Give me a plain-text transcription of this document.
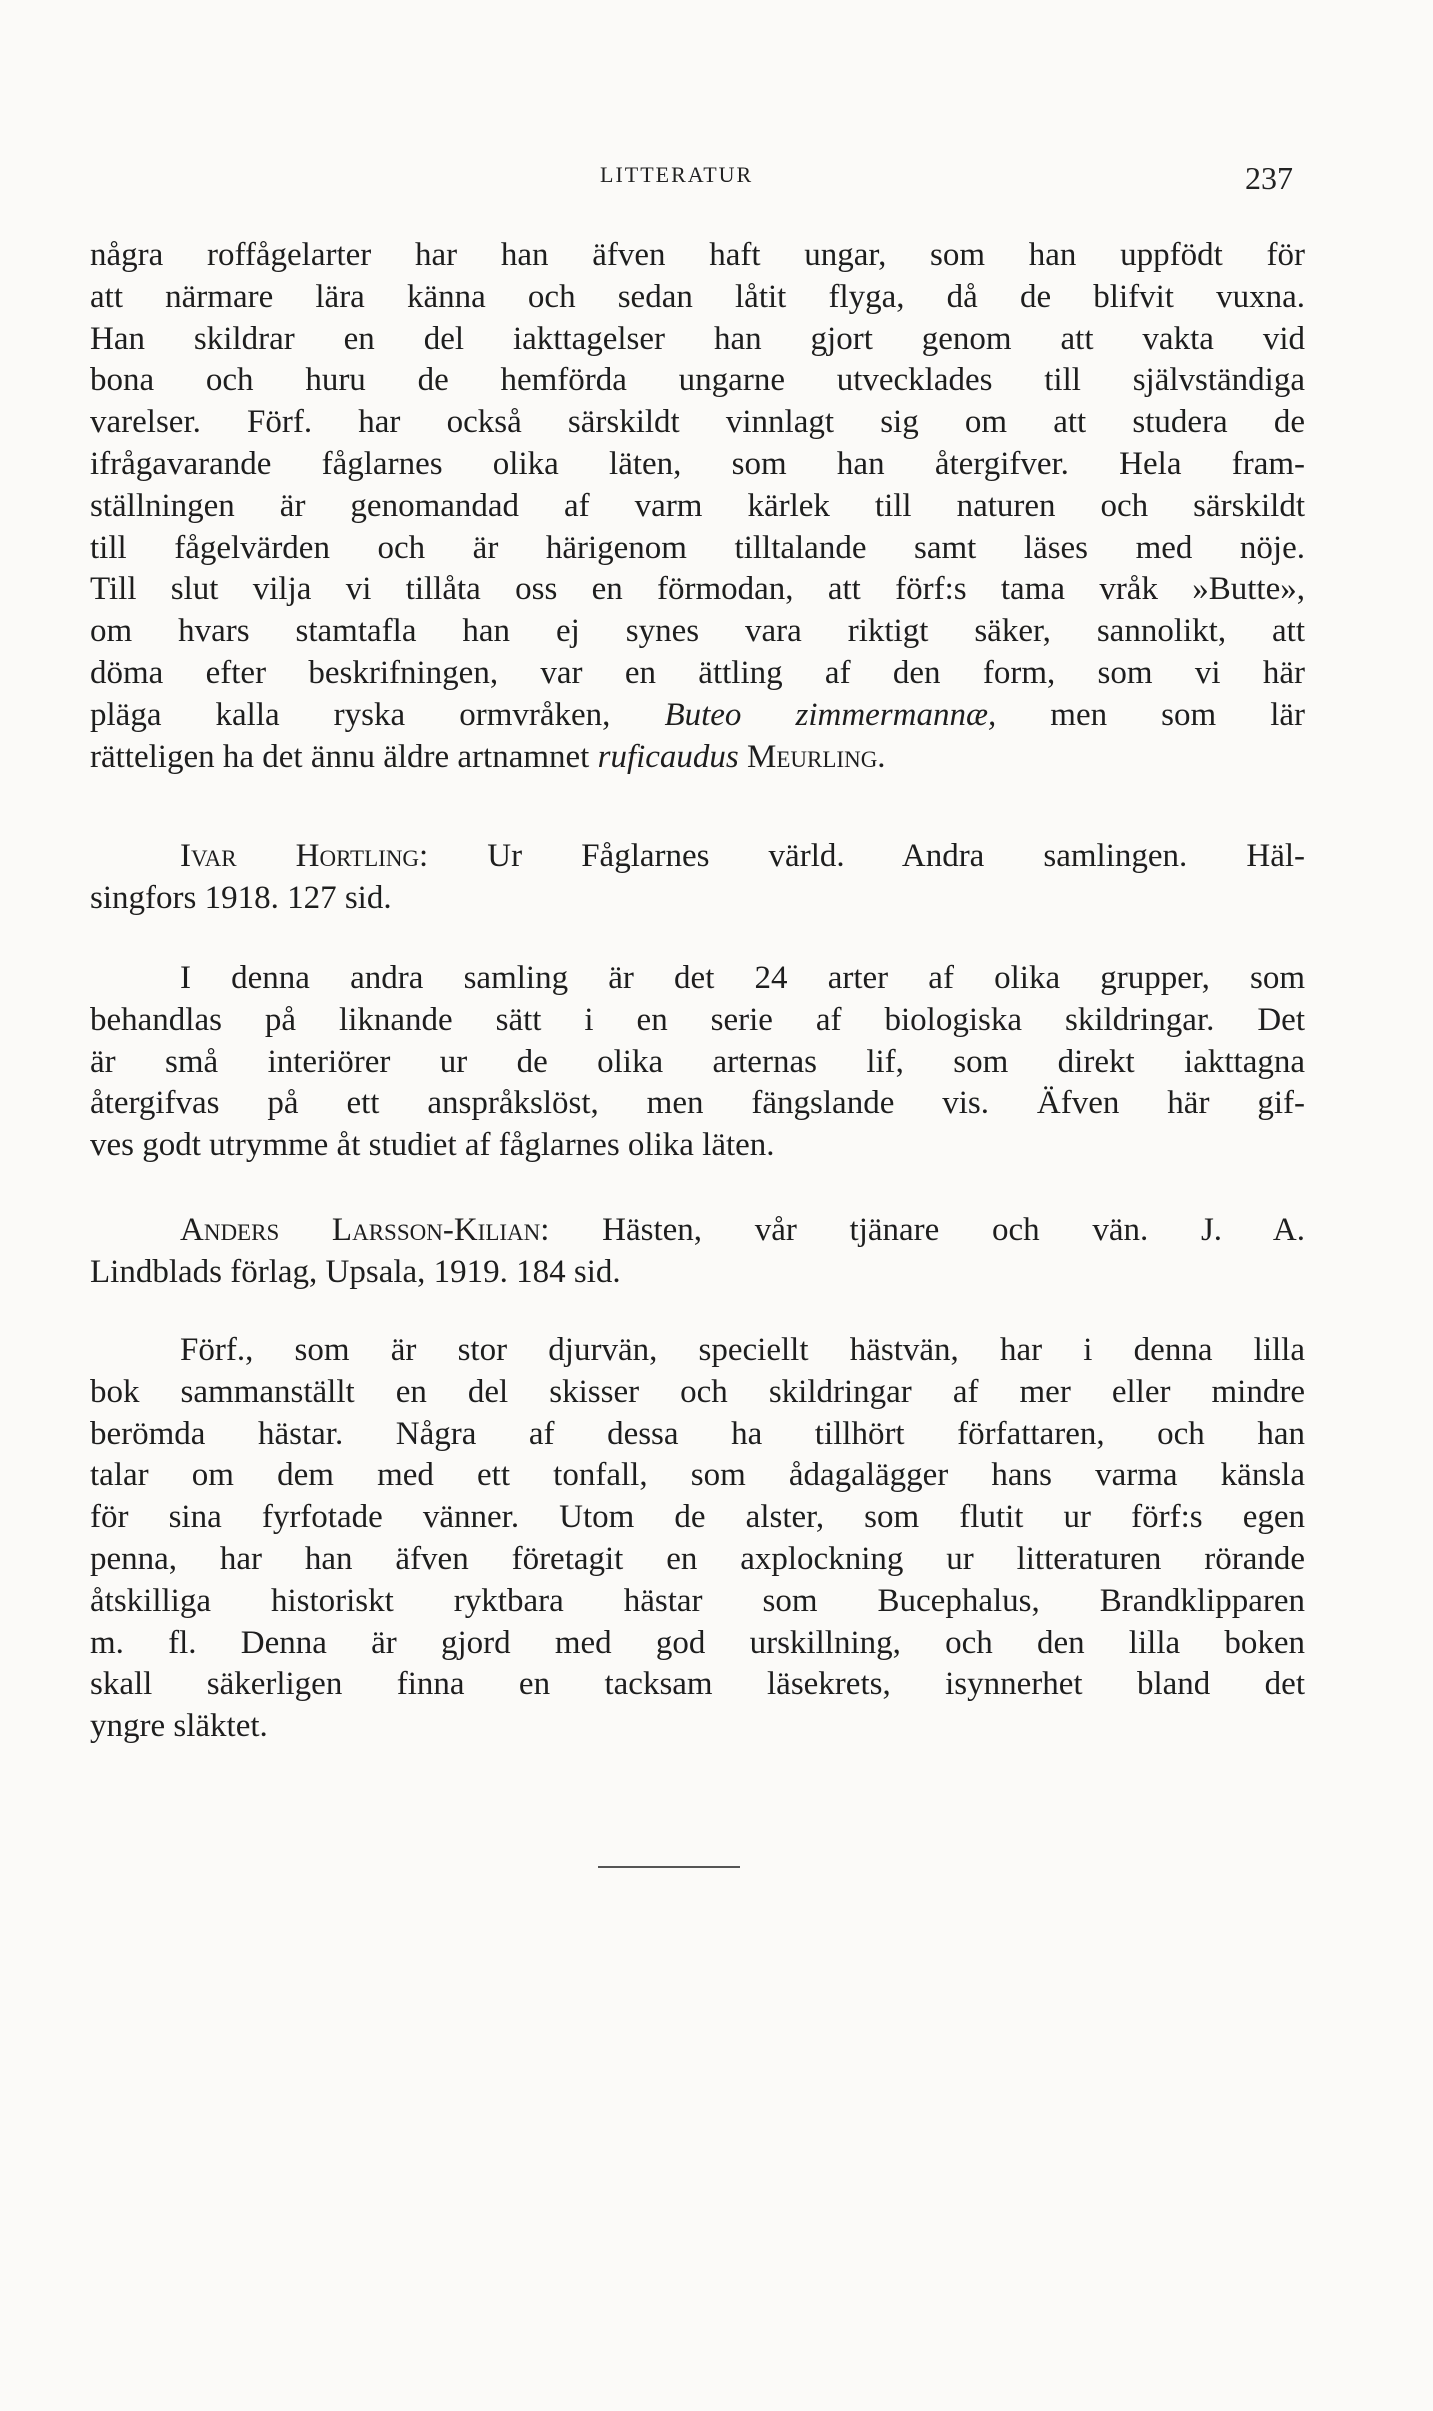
LITTERATUR	237
några roffågelarter har han äfven haft ungar, som han uppfödt för
att närmare lära känna och sedan låtit flyga, då de blifvit vuxna.
Han skildrar en del iakttagelser han gjort genom att vakta vid
bona och huru de hemförda ungarne utvecklades till självständiga
varelser. Förf. har också särskildt vinnlagt sig om att studera de
ifrågavarande fåglarnes olika läten, som han återgifver. Hela fram-
ställningen är genomandad af varm kärlek till naturen och särskildt
till fågelvärden och är härigenom tilltalande samt läses med nöje.
Till slut vilja vi tillåta oss en förmodan, att förf:s tama vråk »Butte»,
om hvars stamtafla han ej synes vara riktigt säker, sannolikt, att
döma efter beskrifningen, var en ättling af den form, som vi här
pläga kalla ryska ormvråken, Buteo zimmermannæ, men som lär
rätteligen ha det ännu äldre artnamnet ruficaudus Meurling.
Ivar Hortling: Ur Fåglarnes värld. Andra samlingen. Häl-
singfors 1918. 127 sid.
I denna andra samling är det 24 arter af olika grupper, som
behandlas på liknande sätt i en serie af biologiska skildringar. Det
är små interiörer ur de olika arternas lif, som direkt iakttagna
återgifvas på ett anspråkslöst, men fängslande vis. Äfven här gif-
ves godt utrymme åt studiet af fåglarnes olika läten.
Anders Larsson-Kilian: Hästen, vår tjänare och vän. J. A.
Lindblads förlag, Upsala, 1919. 184 sid.
Förf., som är stor djurvän, speciellt hästvän, har i denna lilla
bok sammanställt en del skisser och skildringar af mer eller mindre
berömda hästar. Några af dessa ha tillhört författaren, och han
talar om dem med ett tonfall, som ådagalägger hans varma känsla
för sina fyrfotade vänner. Utom de alster, som flutit ur förf:s egen
penna, har han äfven företagit en axplockning ur litteraturen rörande
åtskilliga historiskt ryktbara hästar som Bucephalus, Brandklipparen
m. fl. Denna är gjord med god urskillning, och den lilla boken
skall säkerligen finna en tacksam läsekrets, isynnerhet bland det
yngre släktet.
